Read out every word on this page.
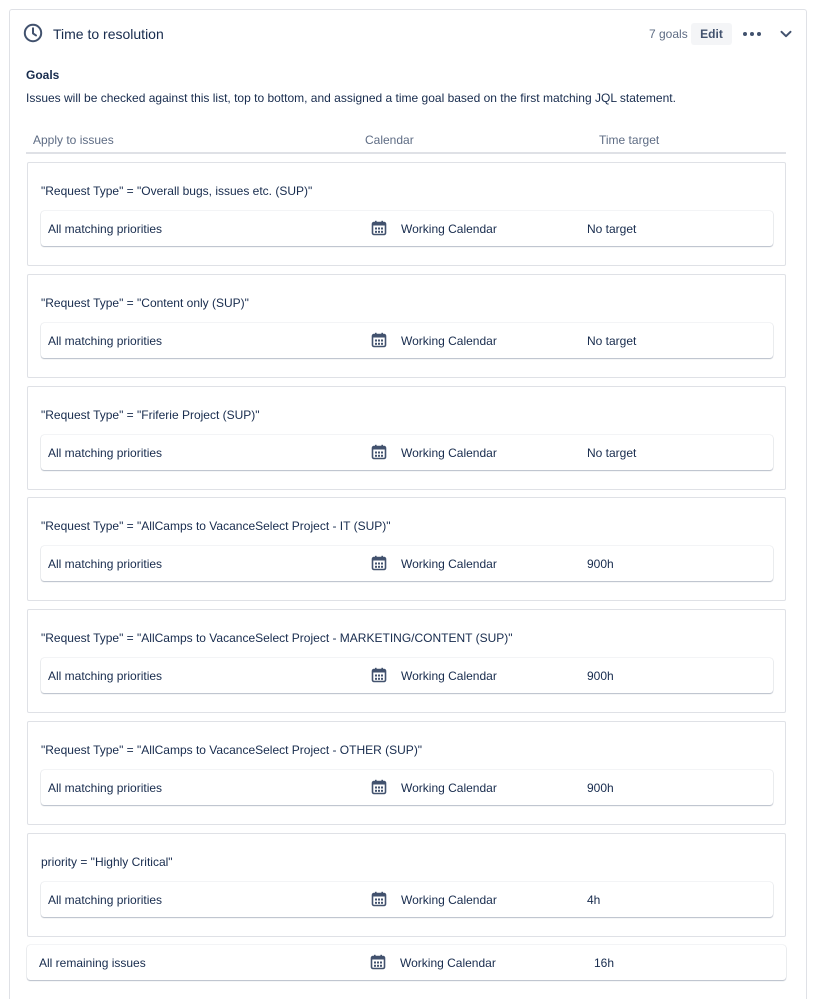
Time to resolution	7 goals	Edit
Goals
Issues will be checked against this list, top to bottom, and assigned a time goal based on the first matching JQL statement.
Apply to issues	Calendar	Time target
"Request Type" = "Overall bugs, issues etc. (SUP)"
All matching priorities	Working Calendar	No target
"Request Type" = "Content only (SUP)"
All matching priorities	Working Calendar	No target
"Request Type" = "Friferie Project (SUP)"
All matching priorities	Working Calendar	No target
"Request Type" = "AllCamps to VacanceSelect Project - IT (SUP)"
All matching priorities	Working Calendar	900h
"Request Type" = "AllCamps to VacanceSelect Project - MARKETING/CONTENT (SUP)"
All matching priorities	Working Calendar	900h
"Request Type" = "AllCamps to VacanceSelect Project - OTHER (SUP)"
All matching priorities	Working Calendar	900h
priority = "Highly Critical"
All matching priorities	Working Calendar	4h
All remaining issues	Working Calendar	16h
